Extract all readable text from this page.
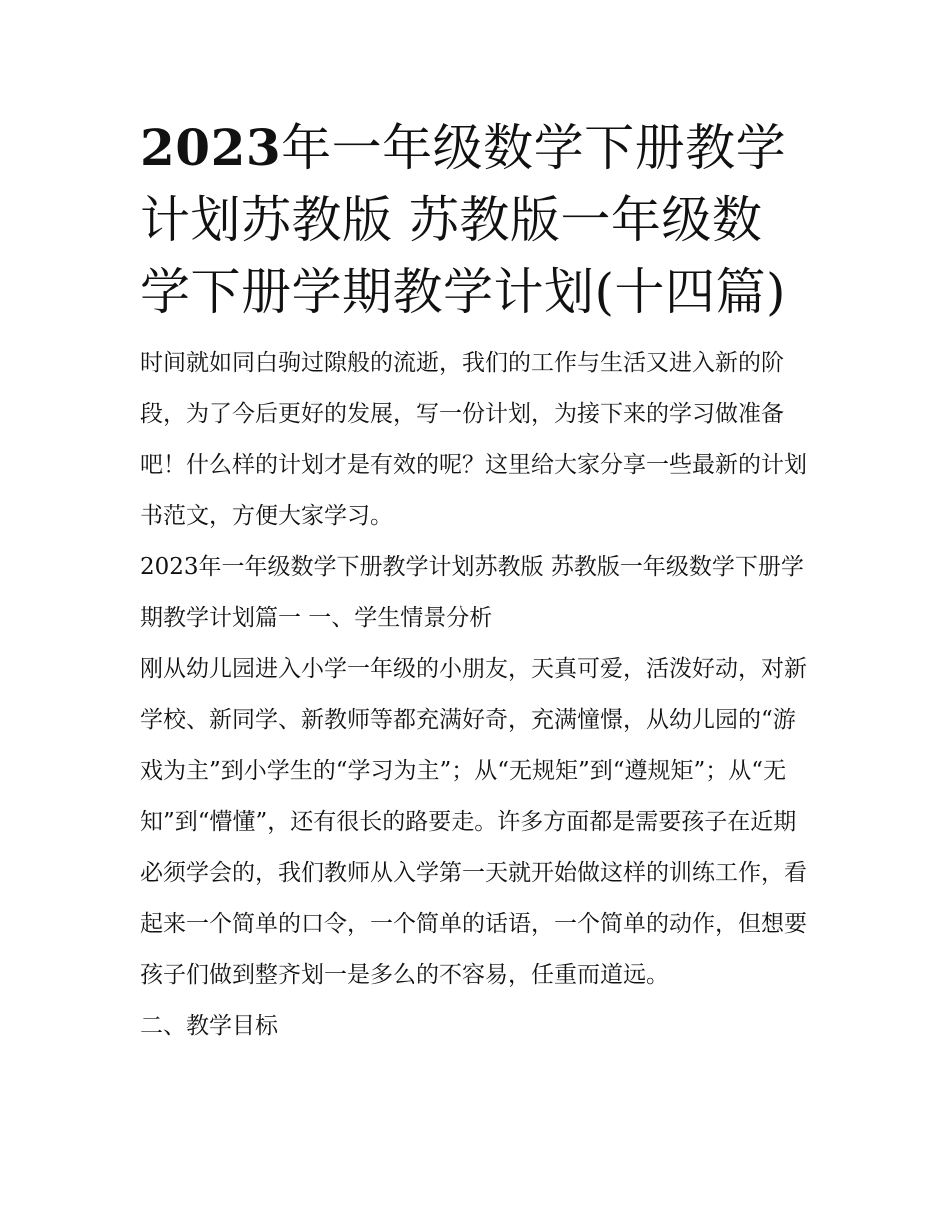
2023年一年级数学下册教学计划苏教版 苏教版一年级数学下册学期教学计划(十四篇)

时间就如同白驹过隙般的流逝，我们的工作与生活又进入新的阶段，为了今后更好的发展，写一份计划，为接下来的学习做准备吧！什么样的计划才是有效的呢？这里给大家分享一些最新的计划书范文，方便大家学习。

2023年一年级数学下册教学计划苏教版 苏教版一年级数学下册学期教学计划篇一 一、学生情景分析

刚从幼儿园进入小学一年级的小朋友，天真可爱，活泼好动，对新学校、新同学、新教师等都充满好奇，充满憧憬，从幼儿园的“游戏为主”到小学生的“学习为主”；从“无规矩”到“遵规矩”；从“无知”到“懵懂”，还有很长的路要走。许多方面都是需要孩子在近期必须学会的，我们教师从入学第一天就开始做这样的训练工作，看起来一个简单的口令，一个简单的话语，一个简单的动作，但想要孩子们做到整齐划一是多么的不容易，任重而道远。

二、教学目标
